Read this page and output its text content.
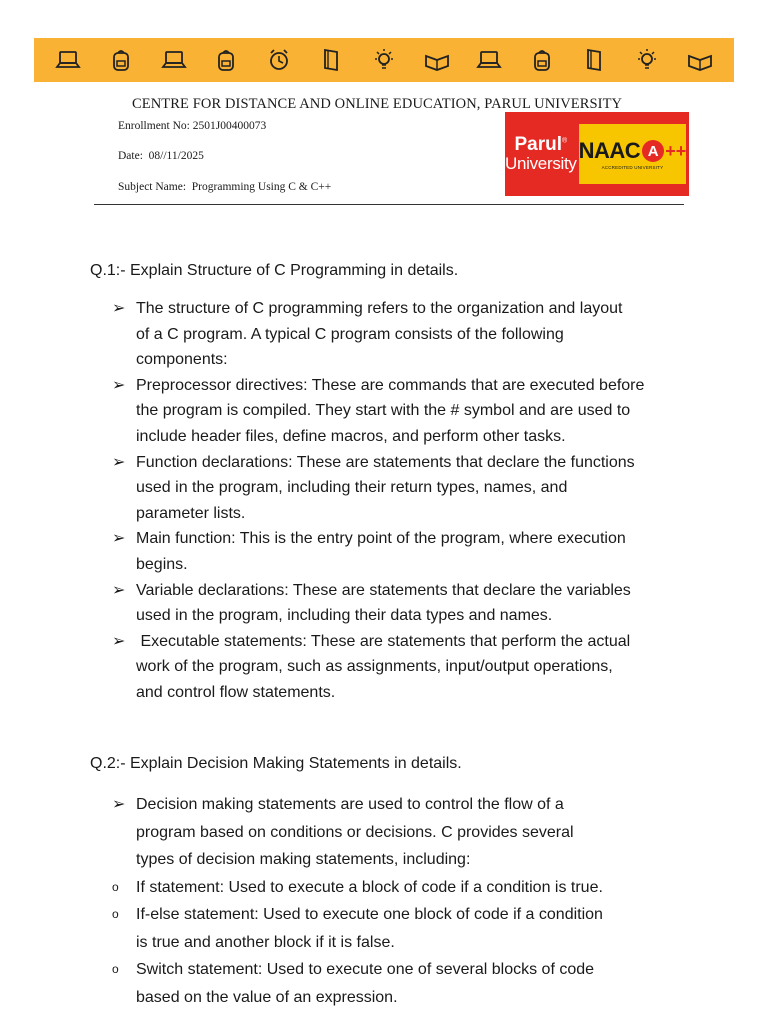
CENTRE FOR DISTANCE AND ONLINE EDUCATION, PARUL UNIVERSITY
Enrollment No: 2501J00400073
Date: 08//11/2025
Subject Name: Programming Using C & C++
Parul®
University
NAAC A ++
ACCREDITED UNIVERSITY
Q.1:- Explain Structure of C Programming in details.
➢ The structure of C programming refers to the organization and layout
of a C program. A typical C program consists of the following
components:
➢ Preprocessor directives: These are commands that are executed before
the program is compiled. They start with the # symbol and are used to
include header files, define macros, and perform other tasks.
➢ Function declarations: These are statements that declare the functions
used in the program, including their return types, names, and
parameter lists.
➢ Main function: This is the entry point of the program, where execution
begins.
➢ Variable declarations: These are statements that declare the variables
used in the program, including their data types and names.
➢ Executable statements: These are statements that perform the actual
work of the program, such as assignments, input/output operations,
and control flow statements.
Q.2:- Explain Decision Making Statements in details.
➢ Decision making statements are used to control the flow of a
program based on conditions or decisions. C provides several
types of decision making statements, including:
o	If statement: Used to execute a block of code if a condition is true.
o	If-else statement: Used to execute one block of code if a condition
is true and another block if it is false.
o	Switch statement: Used to execute one of several blocks of code
based on the value of an expression.
